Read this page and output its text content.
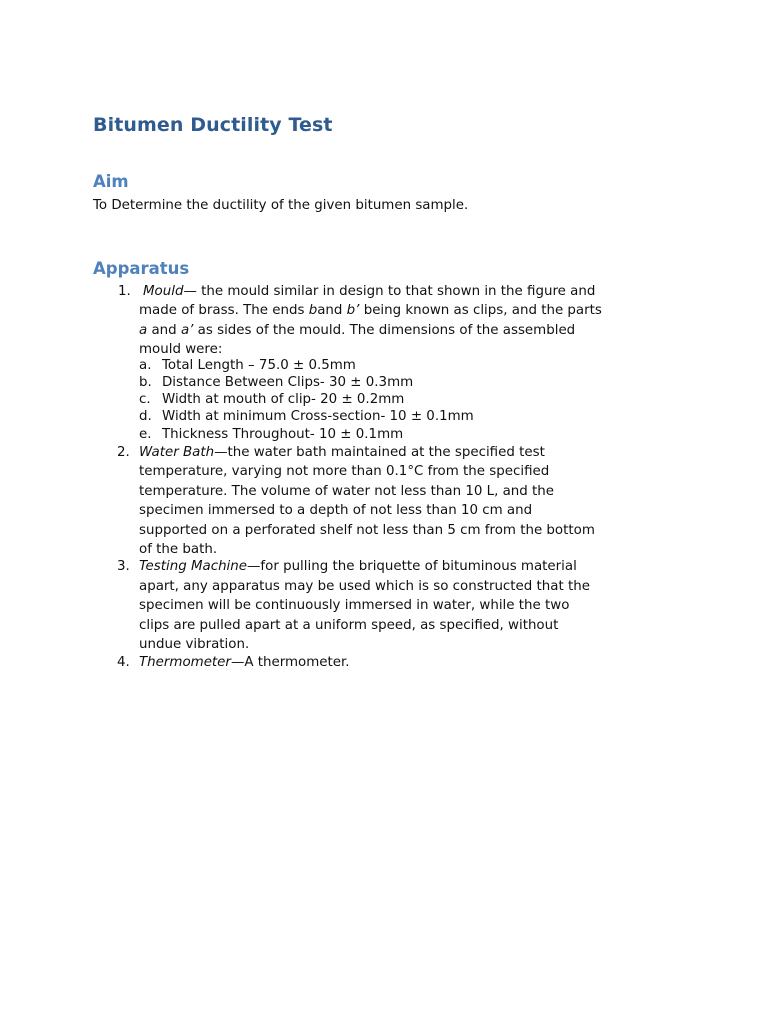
Bitumen Ductility Test
Aim

To Determine the ductility of the given bitumen sample.

Apparatus
1. Mould— the mould similar in design to that shown in the figure and
made of brass. The ends band b’ being known as clips, and the parts
a and a’ as sides of the mould. The dimensions of the assembled
mould were:
a. Total Length – 75.0 ± 0.5mm
b. Distance Between Clips- 30 ± 0.3mm
c. Width at mouth of clip- 20 ± 0.2mm
d. Width at minimum Cross-section- 10 ± 0.1mm
e. Thickness Throughout- 10 ± 0.1mm
2. Water Bath—the water bath maintained at the specified test
temperature, varying not more than 0.1°C from the specified
temperature. The volume of water not less than 10 L, and the
specimen immersed to a depth of not less than 10 cm and
supported on a perforated shelf not less than 5 cm from the bottom
of the bath.
3. Testing Machine—for pulling the briquette of bituminous material
apart, any apparatus may be used which is so constructed that the
specimen will be continuously immersed in water, while the two
clips are pulled apart at a uniform speed, as specified, without
undue vibration.
4. Thermometer—A thermometer.
